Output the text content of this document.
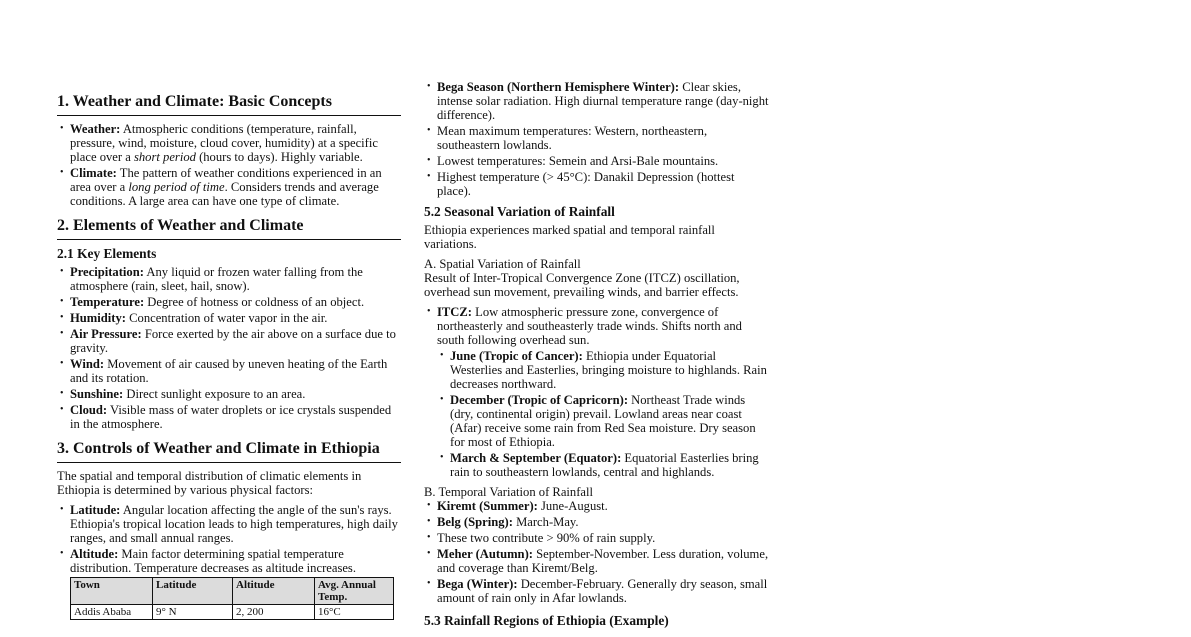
1. Weather and Climate: Basic Concepts
• Weather: Atmospheric conditions (temperature, rainfall, pressure, wind, moisture, cloud cover, humidity) at a specific place over a short period (hours to days). Highly variable.
• Climate: The pattern of weather conditions experienced in an area over a long period of time. Considers trends and average conditions. A large area can have one type of climate.
2. Elements of Weather and Climate
2.1 Key Elements
• Precipitation: Any liquid or frozen water falling from the atmosphere (rain, sleet, hail, snow).
• Temperature: Degree of hotness or coldness of an object.
• Humidity: Concentration of water vapor in the air.
• Air Pressure: Force exerted by the air above on a surface due to gravity.
• Wind: Movement of air caused by uneven heating of the Earth and its rotation.
• Sunshine: Direct sunlight exposure to an area.
• Cloud: Visible mass of water droplets or ice crystals suspended in the atmosphere.
3. Controls of Weather and Climate in Ethiopia

The spatial and temporal distribution of climatic elements in Ethiopia is determined by various physical factors:

• Latitude: Angular location affecting the angle of the sun's rays. Ethiopia's tropical location leads to high temperatures, high daily ranges, and small annual ranges.
• Altitude: Main factor determining spatial temperature distribution. Temperature decreases as altitude increases.
Town	Latitude	Altitude	Avg. Annual Temp.
Addis Ababa	9° N	2, 200	16°C
• Bega Season (Northern Hemisphere Winter): Clear skies, intense solar radiation. High diurnal temperature range (day-night difference).
• Mean maximum temperatures: Western, northeastern, southeastern lowlands.
• Lowest temperatures: Semein and Arsi-Bale mountains.
• Highest temperature (> 45°C): Danakil Depression (hottest place).
5.2 Seasonal Variation of Rainfall

Ethiopia experiences marked spatial and temporal rainfall variations.

A. Spatial Variation of Rainfall

Result of Inter-Tropical Convergence Zone (ITCZ) oscillation, overhead sun movement, prevailing winds, and barrier effects.

• ITCZ: Low atmospheric pressure zone, convergence of northeasterly and southeasterly trade winds. Shifts north and south following overhead sun.
• June (Tropic of Cancer): Ethiopia under Equatorial Westerlies and Easterlies, bringing moisture to highlands. Rain decreases northward.
• December (Tropic of Capricorn): Northeast Trade winds (dry, continental origin) prevail. Lowland areas near coast (Afar) receive some rain from Red Sea moisture. Dry season for most of Ethiopia.
• March & September (Equator): Equatorial Easterlies bring rain to southeastern lowlands, central and highlands.
B. Temporal Variation of Rainfall
• Kiremt (Summer): June-August.
• Belg (Spring): March-May.
• These two contribute > 90% of rain supply.
• Meher (Autumn): September-November. Less duration, volume, and coverage than Kiremt/Belg.
• Bega (Winter): December-February. Generally dry season, small amount of rain only in Afar lowlands.
5.3 Rainfall Regions of Ethiopia (Example)
